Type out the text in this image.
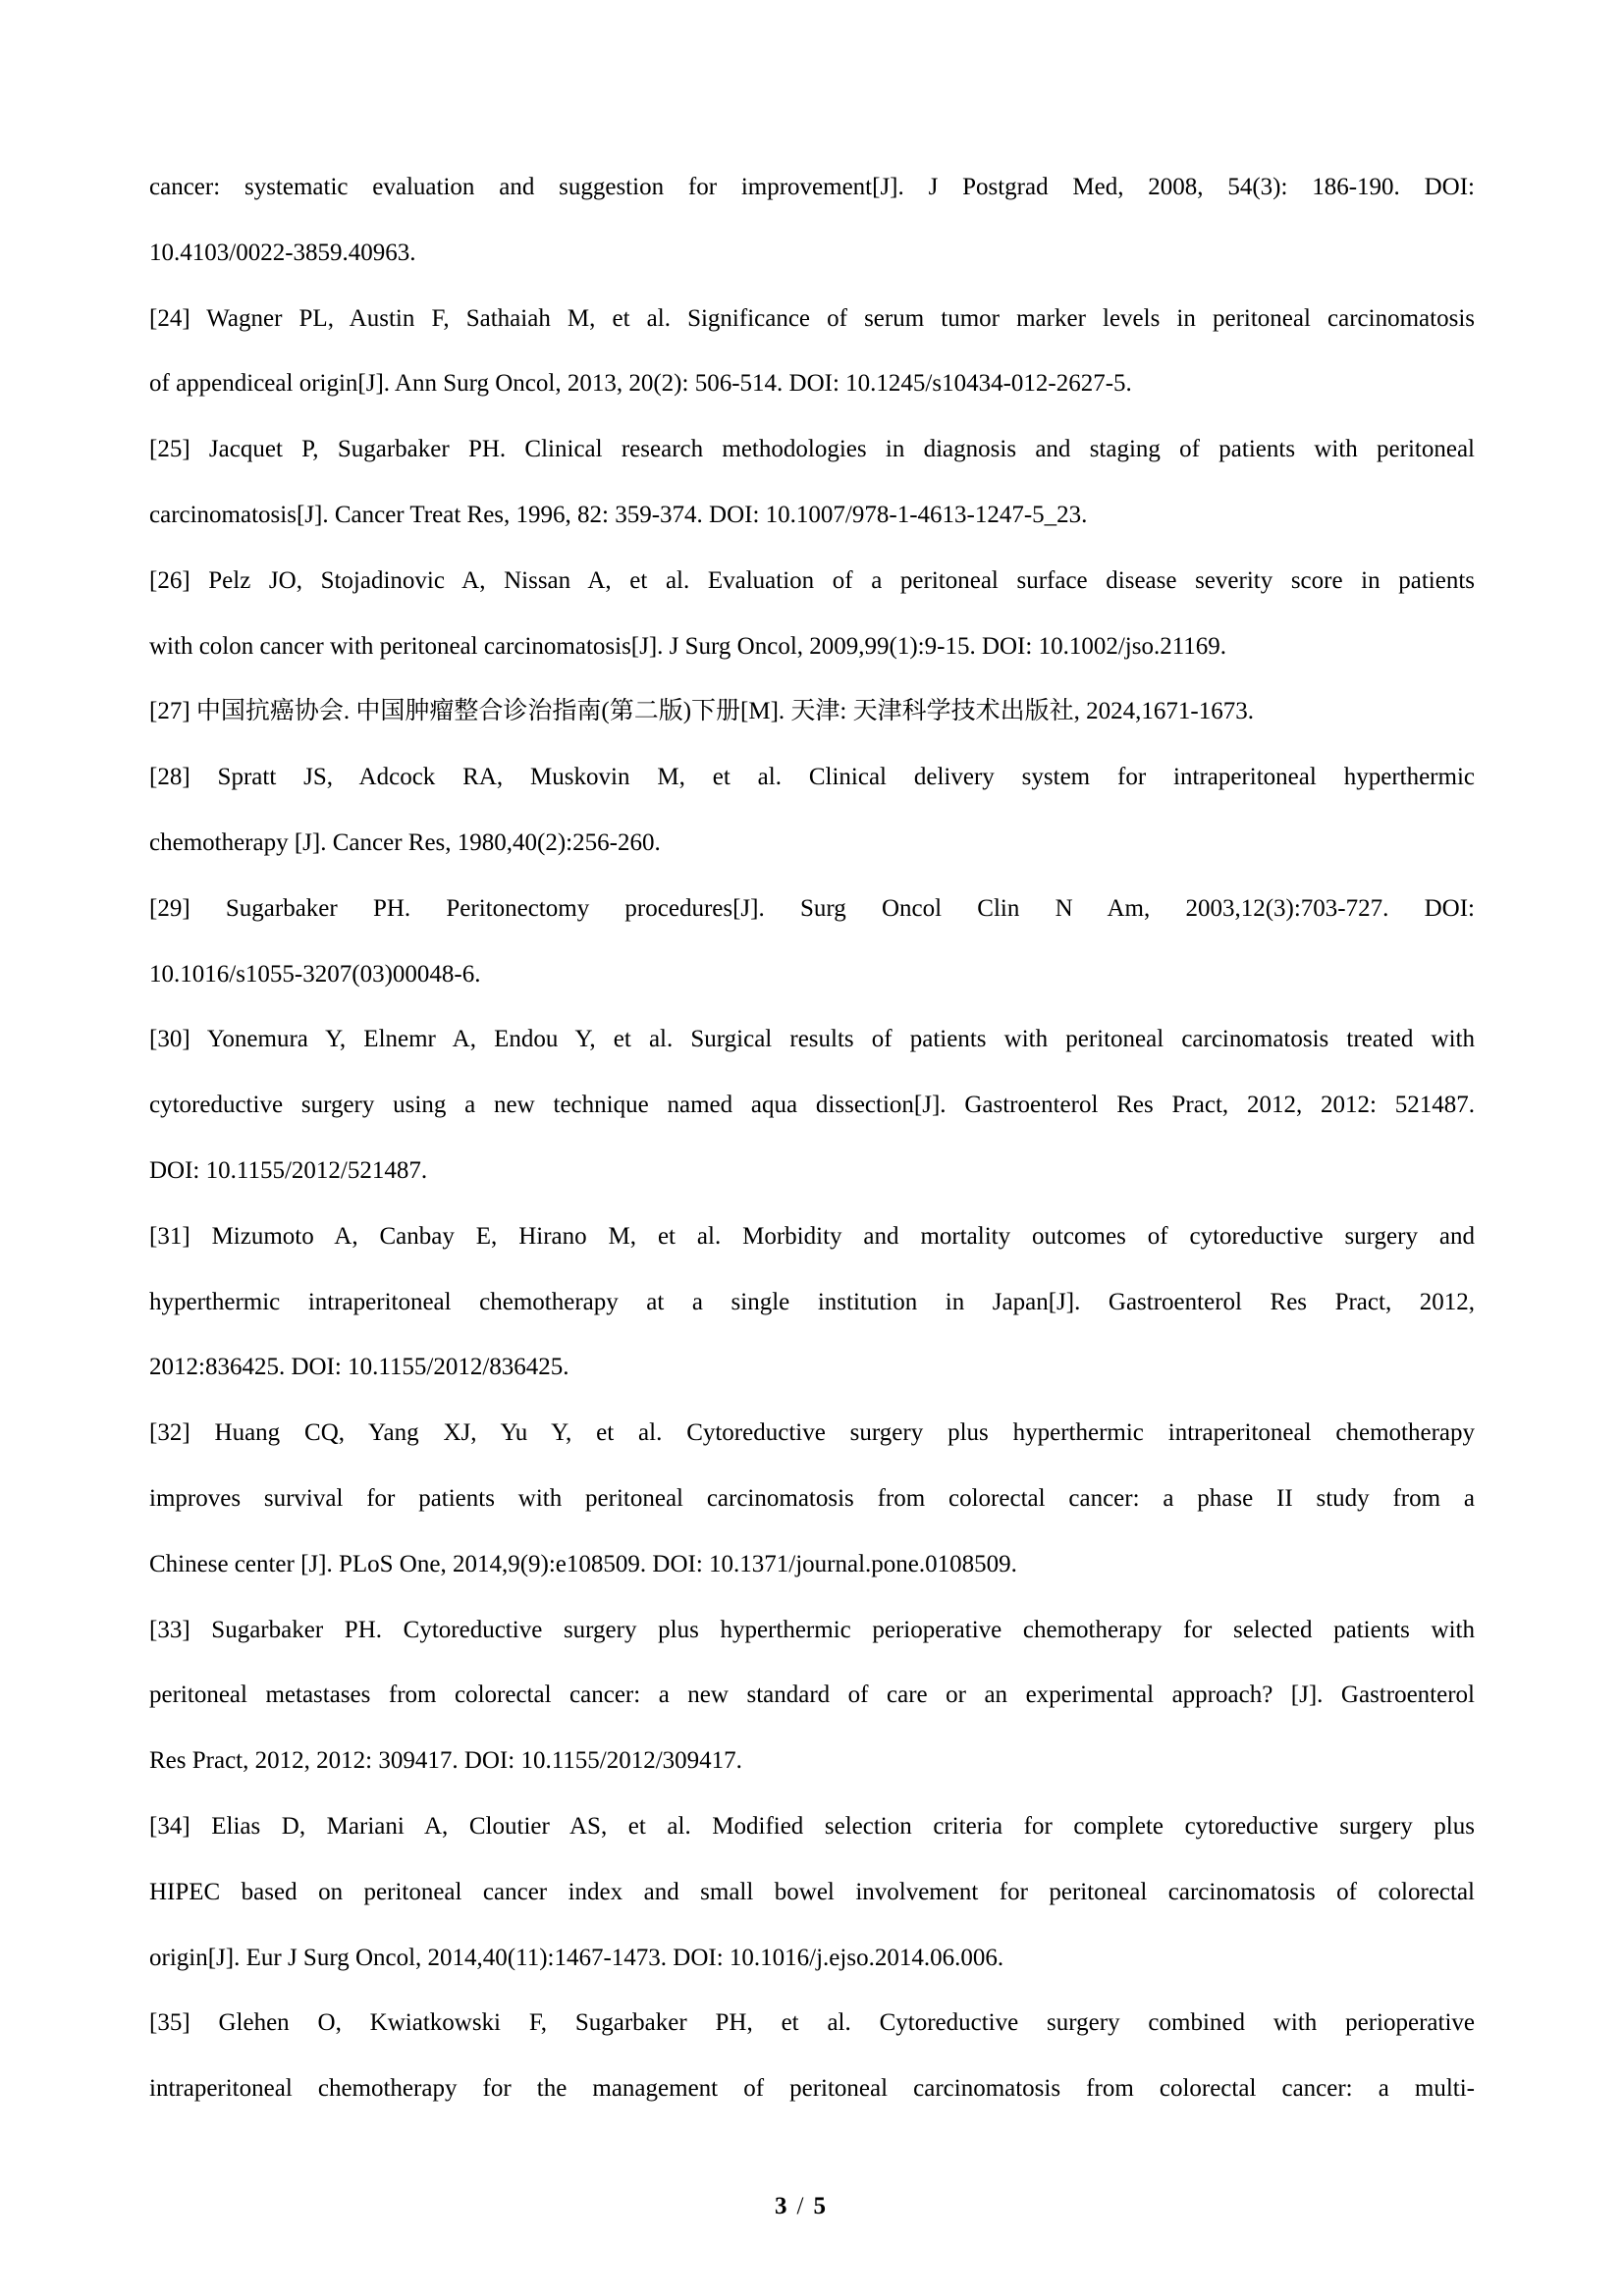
cancer: systematic evaluation and suggestion for improvement[J]. J Postgrad Med, 2008, 54(3): 186-190. DOI:
10.4103/0022-3859.40963.
[24] Wagner PL, Austin F, Sathaiah M, et al. Significance of serum tumor marker levels in peritoneal carcinomatosis
of appendiceal origin[J]. Ann Surg Oncol, 2013, 20(2): 506-514. DOI: 10.1245/s10434-012-2627-5.
[25] Jacquet P, Sugarbaker PH. Clinical research methodologies in diagnosis and staging of patients with peritoneal
carcinomatosis[J]. Cancer Treat Res, 1996, 82: 359-374. DOI: 10.1007/978-1-4613-1247-5_23.
[26] Pelz JO, Stojadinovic A, Nissan A, et al. Evaluation of a peritoneal surface disease severity score in patients
with colon cancer with peritoneal carcinomatosis[J]. J Surg Oncol, 2009,99(1):9-15. DOI: 10.1002/jso.21169.
[27] 中国抗癌协会. 中国肿瘤整合诊治指南(第二版)下册[M]. 天津: 天津科学技术出版社, 2024,1671-1673.
[28] Spratt JS, Adcock RA, Muskovin M, et al. Clinical delivery system for intraperitoneal hyperthermic
chemotherapy [J]. Cancer Res, 1980,40(2):256-260.
[29] Sugarbaker PH. Peritonectomy procedures[J]. Surg Oncol Clin N Am, 2003,12(3):703-727. DOI:
10.1016/s1055-3207(03)00048-6.
[30] Yonemura Y, Elnemr A, Endou Y, et al. Surgical results of patients with peritoneal carcinomatosis treated with
cytoreductive surgery using a new technique named aqua dissection[J]. Gastroenterol Res Pract, 2012, 2012: 521487.
DOI: 10.1155/2012/521487.
[31] Mizumoto A, Canbay E, Hirano M, et al. Morbidity and mortality outcomes of cytoreductive surgery and
hyperthermic intraperitoneal chemotherapy at a single institution in Japan[J]. Gastroenterol Res Pract, 2012,
2012:836425. DOI: 10.1155/2012/836425.
[32] Huang CQ, Yang XJ, Yu Y, et al. Cytoreductive surgery plus hyperthermic intraperitoneal chemotherapy
improves survival for patients with peritoneal carcinomatosis from colorectal cancer: a phase II study from a
Chinese center [J]. PLoS One, 2014,9(9):e108509. DOI: 10.1371/journal.pone.0108509.
[33] Sugarbaker PH. Cytoreductive surgery plus hyperthermic perioperative chemotherapy for selected patients with
peritoneal metastases from colorectal cancer: a new standard of care or an experimental approach? [J]. Gastroenterol
Res Pract, 2012, 2012: 309417. DOI: 10.1155/2012/309417.
[34] Elias D, Mariani A, Cloutier AS, et al. Modified selection criteria for complete cytoreductive surgery plus
HIPEC based on peritoneal cancer index and small bowel involvement for peritoneal carcinomatosis of colorectal
origin[J]. Eur J Surg Oncol, 2014,40(11):1467-1473. DOI: 10.1016/j.ejso.2014.06.006.
[35] Glehen O, Kwiatkowski F, Sugarbaker PH, et al. Cytoreductive surgery combined with perioperative
intraperitoneal chemotherapy for the management of peritoneal carcinomatosis from colorectal cancer: a multi-
3 / 5
